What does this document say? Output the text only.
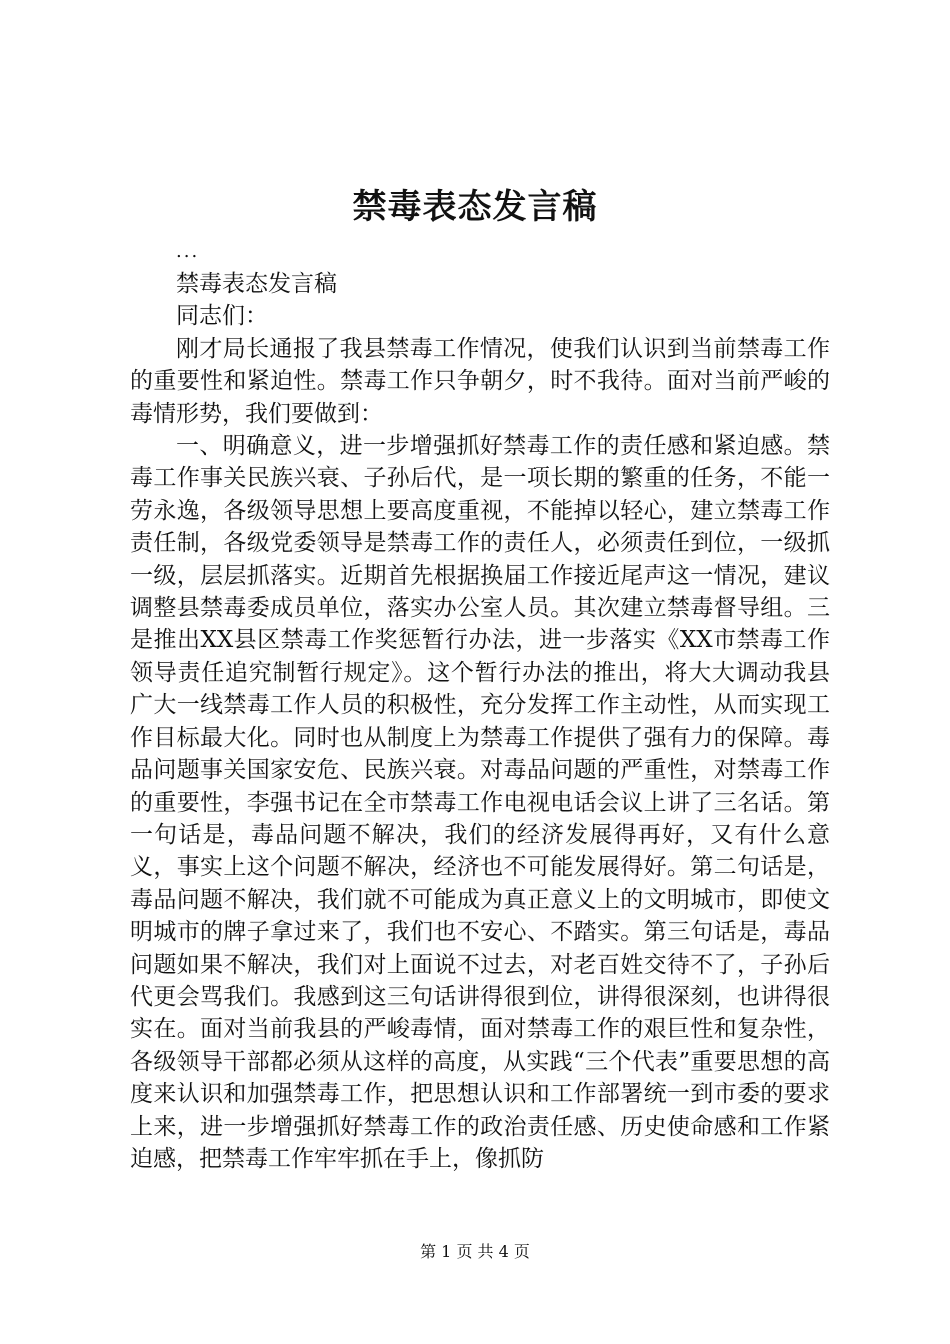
禁毒表态发言稿
...

禁毒表态发言稿

同志们：

刚才局长通报了我县禁毒工作情况，使我们认识到当前禁毒工作的重要性和紧迫性。禁毒工作只争朝夕，时不我待。面对当前严峻的毒情形势，我们要做到：

一、明确意义，进一步增强抓好禁毒工作的责任感和紧迫感。禁毒工作事关民族兴衰、子孙后代，是一项长期的繁重的任务，不能一劳永逸，各级领导思想上要高度重视，不能掉以轻心，建立禁毒工作责任制，各级党委领导是禁毒工作的责任人，必须责任到位，一级抓一级，层层抓落实。近期首先根据换届工作接近尾声这一情况，建议调整县禁毒委成员单位，落实办公室人员。其次建立禁毒督导组。三是推出XX县区禁毒工作奖惩暂行办法，进一步落实《XX市禁毒工作领导责任追究制暂行规定》。这个暂行办法的推出，将大大调动我县广大一线禁毒工作人员的积极性，充分发挥工作主动性，从而实现工作目标最大化。同时也从制度上为禁毒工作提供了强有力的保障。毒品问题事关国家安危、民族兴衰。对毒品问题的严重性，对禁毒工作的重要性，李强书记在全市禁毒工作电视电话会议上讲了三名话。第一句话是，毒品问题不解决，我们的经济发展得再好，又有什么意义，事实上这个问题不解决，经济也不可能发展得好。第二句话是，毒品问题不解决，我们就不可能成为真正意义上的文明城市，即使文明城市的牌子拿过来了，我们也不安心、不踏实。第三句话是，毒品问题如果不解决，我们对上面说不过去，对老百姓交待不了，子孙后代更会骂我们。我感到这三句话讲得很到位，讲得很深刻，也讲得很实在。面对当前我县的严峻毒情，面对禁毒工作的艰巨性和复杂性，各级领导干部都必须从这样的高度，从实践“三个代表”重要思想的高度来认识和加强禁毒工作，把思想认识和工作部署统一到市委的要求上来，进一步增强抓好禁毒工作的政治责任感、历史使命感和工作紧迫感，把禁毒工作牢牢抓在手上，像抓防

第 1 页 共 4 页
